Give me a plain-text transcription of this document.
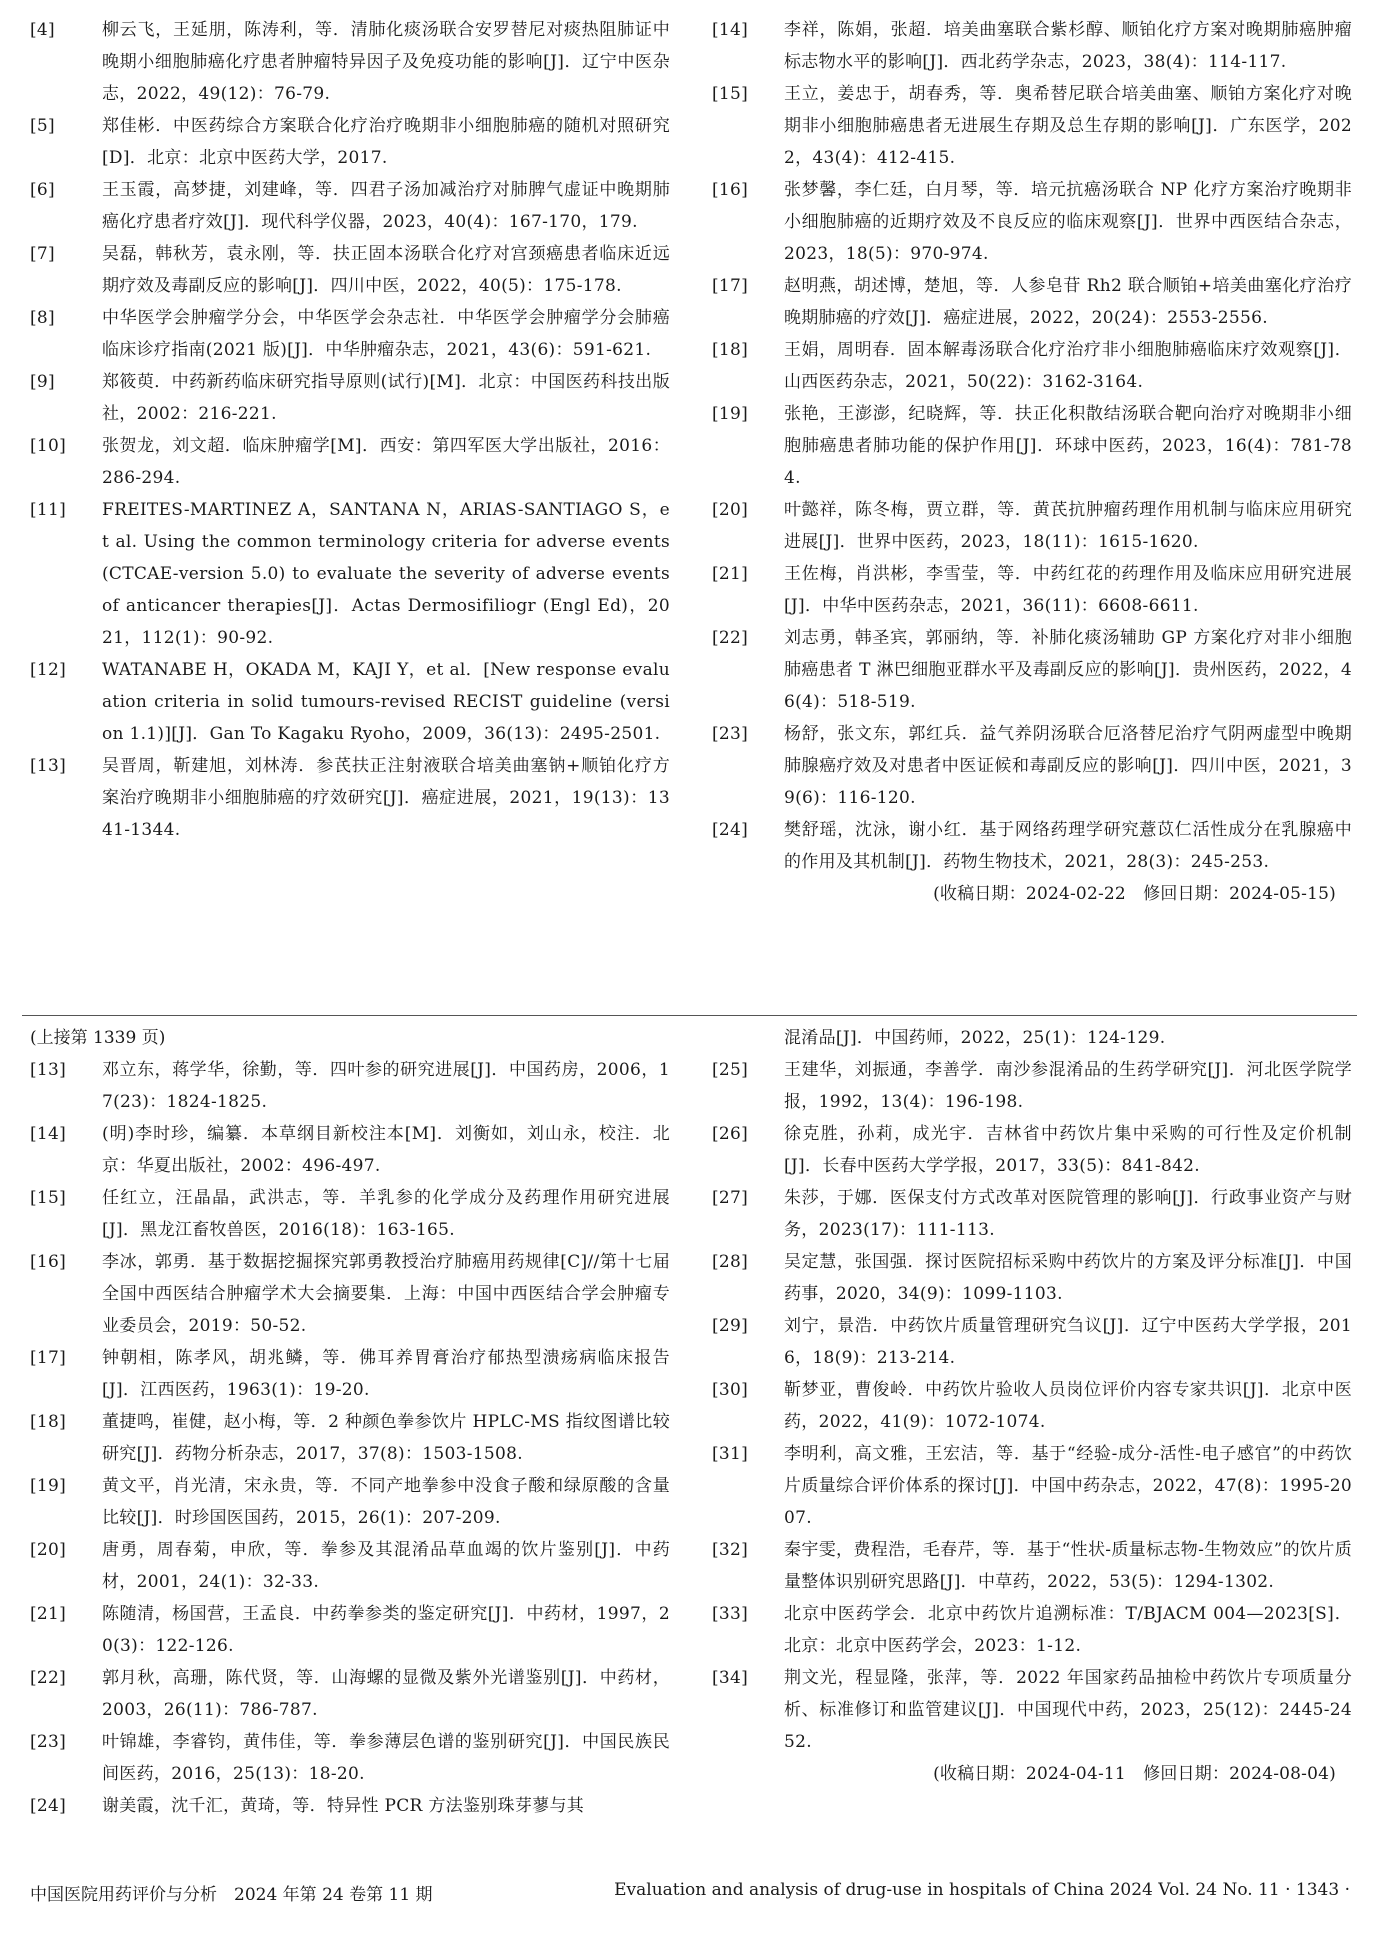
[4]	柳云飞，王延朋，陈涛利，等．清肺化痰汤联合安罗替尼对痰热阻肺证中晚期小细胞肺癌化疗患者肿瘤特异因子及免疫功能的影响[J]．辽宁中医杂志，2022，49(12)：76-79.
[5]	郑佳彬．中医药综合方案联合化疗治疗晚期非小细胞肺癌的随机对照研究[D]．北京：北京中医药大学，2017.
[6]	王玉霞，高梦捷，刘建峰，等．四君子汤加减治疗对肺脾气虚证中晚期肺癌化疗患者疗效[J]．现代科学仪器，2023，40(4)：167-170，179.
[7]	吴磊，韩秋芳，袁永刚，等．扶正固本汤联合化疗对宫颈癌患者临床近远期疗效及毒副反应的影响[J]．四川中医，2022，40(5)：175-178.
[8]	中华医学会肿瘤学分会，中华医学会杂志社．中华医学会肿瘤学分会肺癌临床诊疗指南(2021 版)[J]．中华肿瘤杂志，2021，43(6)：591-621.
[9]	郑筱萸．中药新药临床研究指导原则(试行)[M]．北京：中国医药科技出版社，2002：216-221.
[10]	张贺龙，刘文超．临床肿瘤学[M]．西安：第四军医大学出版社，2016：286-294.
[11]	FREITES-MARTINEZ A，SANTANA N，ARIAS-SANTIAGO S，et al. Using the common terminology criteria for adverse events (CTCAE-version 5.0) to evaluate the severity of adverse events of anticancer therapies[J]．Actas Dermosifiliogr (Engl Ed)，2021，112(1)：90-92.
[12]	WATANABE H，OKADA M，KAJI Y，et al．[New response evaluation criteria in solid tumours-revised RECIST guideline (version 1.1)][J]．Gan To Kagaku Ryoho，2009，36(13)：2495-2501.
[13]	吴晋周，靳建旭，刘林涛．参芪扶正注射液联合培美曲塞钠+顺铂化疗方案治疗晚期非小细胞肺癌的疗效研究[J]．癌症进展，2021，19(13)：1341-1344.
[14]	李祥，陈娟，张超．培美曲塞联合紫杉醇、顺铂化疗方案对晚期肺癌肿瘤标志物水平的影响[J]．西北药学杂志，2023，38(4)：114-117.
[15]	王立，姜忠于，胡春秀，等．奥希替尼联合培美曲塞、顺铂方案化疗对晚期非小细胞肺癌患者无进展生存期及总生存期的影响[J]．广东医学，2022，43(4)：412-415.
[16]	张梦馨，李仁廷，白月琴，等．培元抗癌汤联合 NP 化疗方案治疗晚期非小细胞肺癌的近期疗效及不良反应的临床观察[J]．世界中西医结合杂志，2023，18(5)：970-974.
[17]	赵明燕，胡述博，楚旭，等．人参皂苷 Rh2 联合顺铂+培美曲塞化疗治疗晚期肺癌的疗效[J]．癌症进展，2022，20(24)：2553-2556.
[18]	王娟，周明春．固本解毒汤联合化疗治疗非小细胞肺癌临床疗效观察[J]．山西医药杂志，2021，50(22)：3162-3164.
[19]	张艳，王澎澎，纪晓辉，等．扶正化积散结汤联合靶向治疗对晚期非小细胞肺癌患者肺功能的保护作用[J]．环球中医药，2023，16(4)：781-784.
[20]	叶懿祥，陈冬梅，贾立群，等．黄芪抗肿瘤药理作用机制与临床应用研究进展[J]．世界中医药，2023，18(11)：1615-1620.
[21]	王佐梅，肖洪彬，李雪莹，等．中药红花的药理作用及临床应用研究进展[J]．中华中医药杂志，2021，36(11)：6608-6611.
[22]	刘志勇，韩圣宾，郭丽纳，等．补肺化痰汤辅助 GP 方案化疗对非小细胞肺癌患者 T 淋巴细胞亚群水平及毒副反应的影响[J]．贵州医药，2022，46(4)：518-519.
[23]	杨舒，张文东，郭红兵．益气养阴汤联合厄洛替尼治疗气阴两虚型中晚期肺腺癌疗效及对患者中医证候和毒副反应的影响[J]．四川中医，2021，39(6)：116-120.
[24]	樊舒瑶，沈泳，谢小红．基于网络药理学研究薏苡仁活性成分在乳腺癌中的作用及其机制[J]．药物生物技术，2021，28(3)：245-253.
(收稿日期：2024-02-22　修回日期：2024-05-15)
(上接第 1339 页)
[13]	邓立东，蒋学华，徐勤，等．四叶参的研究进展[J]．中国药房，2006，17(23)：1824-1825.
[14]	(明)李时珍，编纂．本草纲目新校注本[M]．刘衡如，刘山永，校注．北京：华夏出版社，2002：496-497.
[15]	任红立，汪晶晶，武洪志，等．羊乳参的化学成分及药理作用研究进展[J]．黑龙江畜牧兽医，2016(18)：163-165.
[16]	李冰，郭勇．基于数据挖掘探究郭勇教授治疗肺癌用药规律[C]//第十七届全国中西医结合肿瘤学术大会摘要集．上海：中国中西医结合学会肿瘤专业委员会，2019：50-52.
[17]	钟朝相，陈孝风，胡兆鳞，等．佛耳养胃膏治疗郁热型溃疡病临床报告[J]．江西医药，1963(1)：19-20.
[18]	董捷鸣，崔健，赵小梅，等．2 种颜色拳参饮片 HPLC-MS 指纹图谱比较研究[J]．药物分析杂志，2017，37(8)：1503-1508.
[19]	黄文平，肖光清，宋永贵，等．不同产地拳参中没食子酸和绿原酸的含量比较[J]．时珍国医国药，2015，26(1)：207-209.
[20]	唐勇，周春菊，申欣，等．拳参及其混淆品草血竭的饮片鉴别[J]．中药材，2001，24(1)：32-33.
[21]	陈随清，杨国营，王孟良．中药拳参类的鉴定研究[J]．中药材，1997，20(3)：122-126.
[22]	郭月秋，高珊，陈代贤，等．山海螺的显微及紫外光谱鉴别[J]．中药材，2003，26(11)：786-787.
[23]	叶锦雄，李睿钧，黄伟佳，等．拳参薄层色谱的鉴别研究[J]．中国民族民间医药，2016，25(13)：18-20.
[24]	谢美霞，沈千汇，黄琦，等．特异性 PCR 方法鉴别珠芽蓼与其
混淆品[J]．中国药师，2022，25(1)：124-129.
[25]	王建华，刘振通，李善学．南沙参混淆品的生药学研究[J]．河北医学院学报，1992，13(4)：196-198.
[26]	徐克胜，孙莉，成光宇．吉林省中药饮片集中采购的可行性及定价机制[J]．长春中医药大学学报，2017，33(5)：841-842.
[27]	朱莎，于娜．医保支付方式改革对医院管理的影响[J]．行政事业资产与财务，2023(17)：111-113.
[28]	吴定慧，张国强．探讨医院招标采购中药饮片的方案及评分标准[J]．中国药事，2020，34(9)：1099-1103.
[29]	刘宁，景浩．中药饮片质量管理研究刍议[J]．辽宁中医药大学学报，2016，18(9)：213-214.
[30]	靳梦亚，曹俊岭．中药饮片验收人员岗位评价内容专家共识[J]．北京中医药，2022，41(9)：1072-1074.
[31]	李明利，高文雅，王宏洁，等．基于“经验-成分-活性-电子感官”的中药饮片质量综合评价体系的探讨[J]．中国中药杂志，2022，47(8)：1995-2007.
[32]	秦宇雯，费程浩，毛春芹，等．基于“性状-质量标志物-生物效应”的饮片质量整体识别研究思路[J]．中草药，2022，53(5)：1294-1302.
[33]	北京中医药学会．北京中药饮片追溯标准：T/BJACM 004—2023[S]．北京：北京中医药学会，2023：1-12.
[34]	荆文光，程显隆，张萍，等．2022 年国家药品抽检中药饮片专项质量分析、标准修订和监管建议[J]．中国现代中药，2023，25(12)：2445-2452.
(收稿日期：2024-04-11　修回日期：2024-08-04)
中国医院用药评价与分析　2024 年第 24 卷第 11 期	Evaluation and analysis of drug-use in hospitals of China 2024 Vol. 24 No. 11 · 1343 ·
